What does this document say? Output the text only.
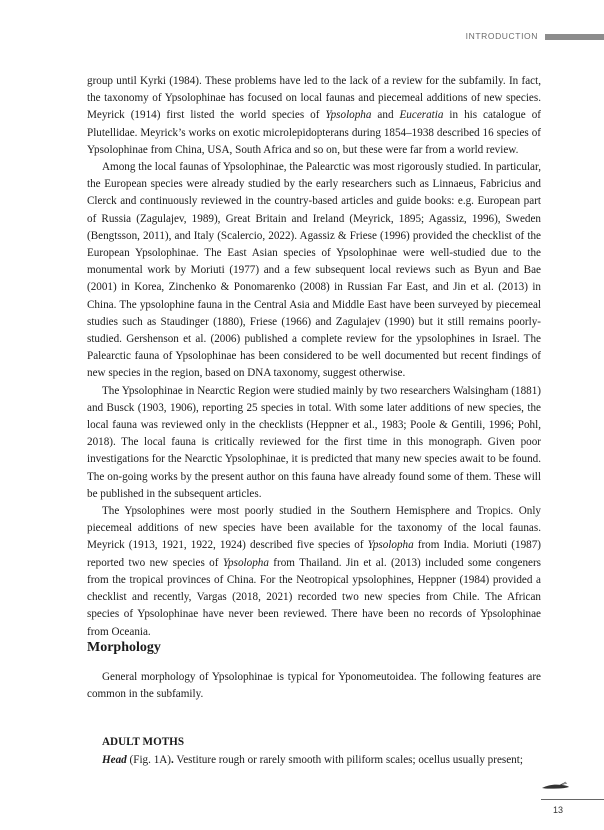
INTRODUCTION

group until Kyrki (1984). These problems have led to the lack of a review for the subfamily. In fact, the taxonomy of Ypsolophinae has focused on local faunas and piecemeal additions of new species. Meyrick (1914) first listed the world species of Ypsolopha and Euceratia in his catalogue of Plutellidae. Meyrick’s works on exotic microlepidopterans during 1854–1938 described 16 species of Ypsolophinae from China, USA, South Africa and so on, but these were far from a world review.

Among the local faunas of Ypsolophinae, the Palearctic was most rigorously studied. In particular, the European species were already studied by the early researchers such as Linnaeus, Fabricius and Clerck and continuously reviewed in the country-based articles and guide books: e.g. European part of Russia (Zagulajev, 1989), Great Britain and Ireland (Meyrick, 1895; Agassiz, 1996), Sweden (Bengtsson, 2011), and Italy (Scalercio, 2022). Agassiz & Friese (1996) provided the checklist of the European Ypsolophinae. The East Asian species of Ypsolophinae were well-studied due to the monumental work by Moriuti (1977) and a few subsequent local reviews such as Byun and Bae (2001) in Korea, Zinchenko & Ponomarenko (2008) in Russian Far East, and Jin et al. (2013) in China. The ypsolophine fauna in the Central Asia and Middle East have been surveyed by piecemeal studies such as Staudinger (1880), Friese (1966) and Zagulajev (1990) but it still remains poorly-studied. Gershenson et al. (2006) published a complete review for the ypsolophines in Israel. The Palearctic fauna of Ypsolophinae has been considered to be well documented but recent findings of new species in the region, based on DNA taxonomy, suggest otherwise.

The Ypsolophinae in Nearctic Region were studied mainly by two researchers Walsingham (1881) and Busck (1903, 1906), reporting 25 species in total. With some later additions of new species, the local fauna was reviewed only in the checklists (Heppner et al., 1983; Poole & Gentili, 1996; Pohl, 2018). The local fauna is critically reviewed for the first time in this monograph. Given poor investigations for the Nearctic Ypsolophinae, it is predicted that many new species await to be found. The on-going works by the present author on this fauna have already found some of them. These will be published in the subsequent articles.

The Ypsolophines were most poorly studied in the Southern Hemisphere and Tropics. Only piecemeal additions of new species have been available for the taxonomy of the local faunas. Meyrick (1913, 1921, 1922, 1924) described five species of Ypsolopha from India. Moriuti (1987) reported two new species of Ypsolopha from Thailand. Jin et al. (2013) included some congeners from the tropical provinces of China. For the Neotropical ypsolophines, Heppner (1984) provided a checklist and recently, Vargas (2018, 2021) recorded two new species from Chile. The African species of Ypsolophinae have never been reviewed. There have been no records of Ypsolophinae from Oceania.

Morphology
General morphology of Ypsolophinae is typical for Yponomeutoidea. The following features are common in the subfamily.
ADULT MOTHS
Head (Fig. 1A). Vestiture rough or rarely smooth with piliform scales; ocellus usually present;
13
